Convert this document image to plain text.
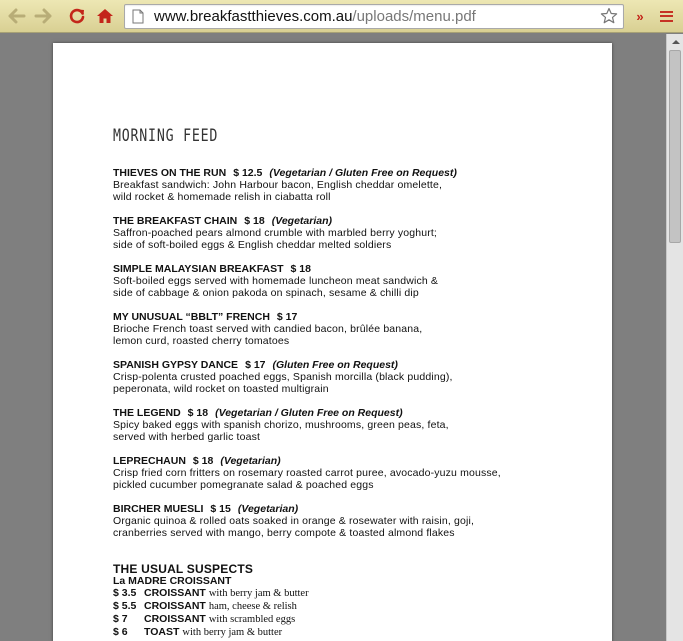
www.breakfastthieves.com.au/uploads/menu.pdf	»
MORNING FEED
THIEVES ON THE RUN $ 12.5 (Vegetarian / Gluten Free on Request)
Breakfast sandwich: John Harbour bacon, English cheddar omelette,
wild rocket & homemade relish in ciabatta roll
THE BREAKFAST CHAIN $ 18 (Vegetarian)
Saffron-poached pears almond crumble with marbled berry yoghurt;
side of soft-boiled eggs & English cheddar melted soldiers
SIMPLE MALAYSIAN BREAKFAST $ 18
Soft-boiled eggs served with homemade luncheon meat sandwich &
side of cabbage & onion pakoda on spinach, sesame & chilli dip
MY UNUSUAL “BBLT” FRENCH $ 17
Brioche French toast served with candied bacon, brûlée banana,
lemon curd, roasted cherry tomatoes
SPANISH GYPSY DANCE $ 17 (Gluten Free on Request)
Crisp-polenta crusted poached eggs, Spanish morcilla (black pudding),
peperonata, wild rocket on toasted multigrain
THE LEGEND $ 18 (Vegetarian / Gluten Free on Request)
Spicy baked eggs with spanish chorizo, mushrooms, green peas, feta,
served with herbed garlic toast
LEPRECHAUN $ 18 (Vegetarian)
Crisp fried corn fritters on rosemary roasted carrot puree, avocado-yuzu mousse,
pickled cucumber pomegranate salad & poached eggs
BIRCHER MUESLI $ 15 (Vegetarian)
Organic quinoa & rolled oats soaked in orange & rosewater with raisin, goji,
cranberries served with mango, berry compote & toasted almond flakes
THE USUAL SUSPECTS
La MADRE CROISSANT
$ 3.5 CROISSANT with berry jam & butter
$ 5.5 CROISSANT ham, cheese & relish
$ 7 CROISSANT with scrambled eggs
$ 6 TOAST with berry jam & butter
